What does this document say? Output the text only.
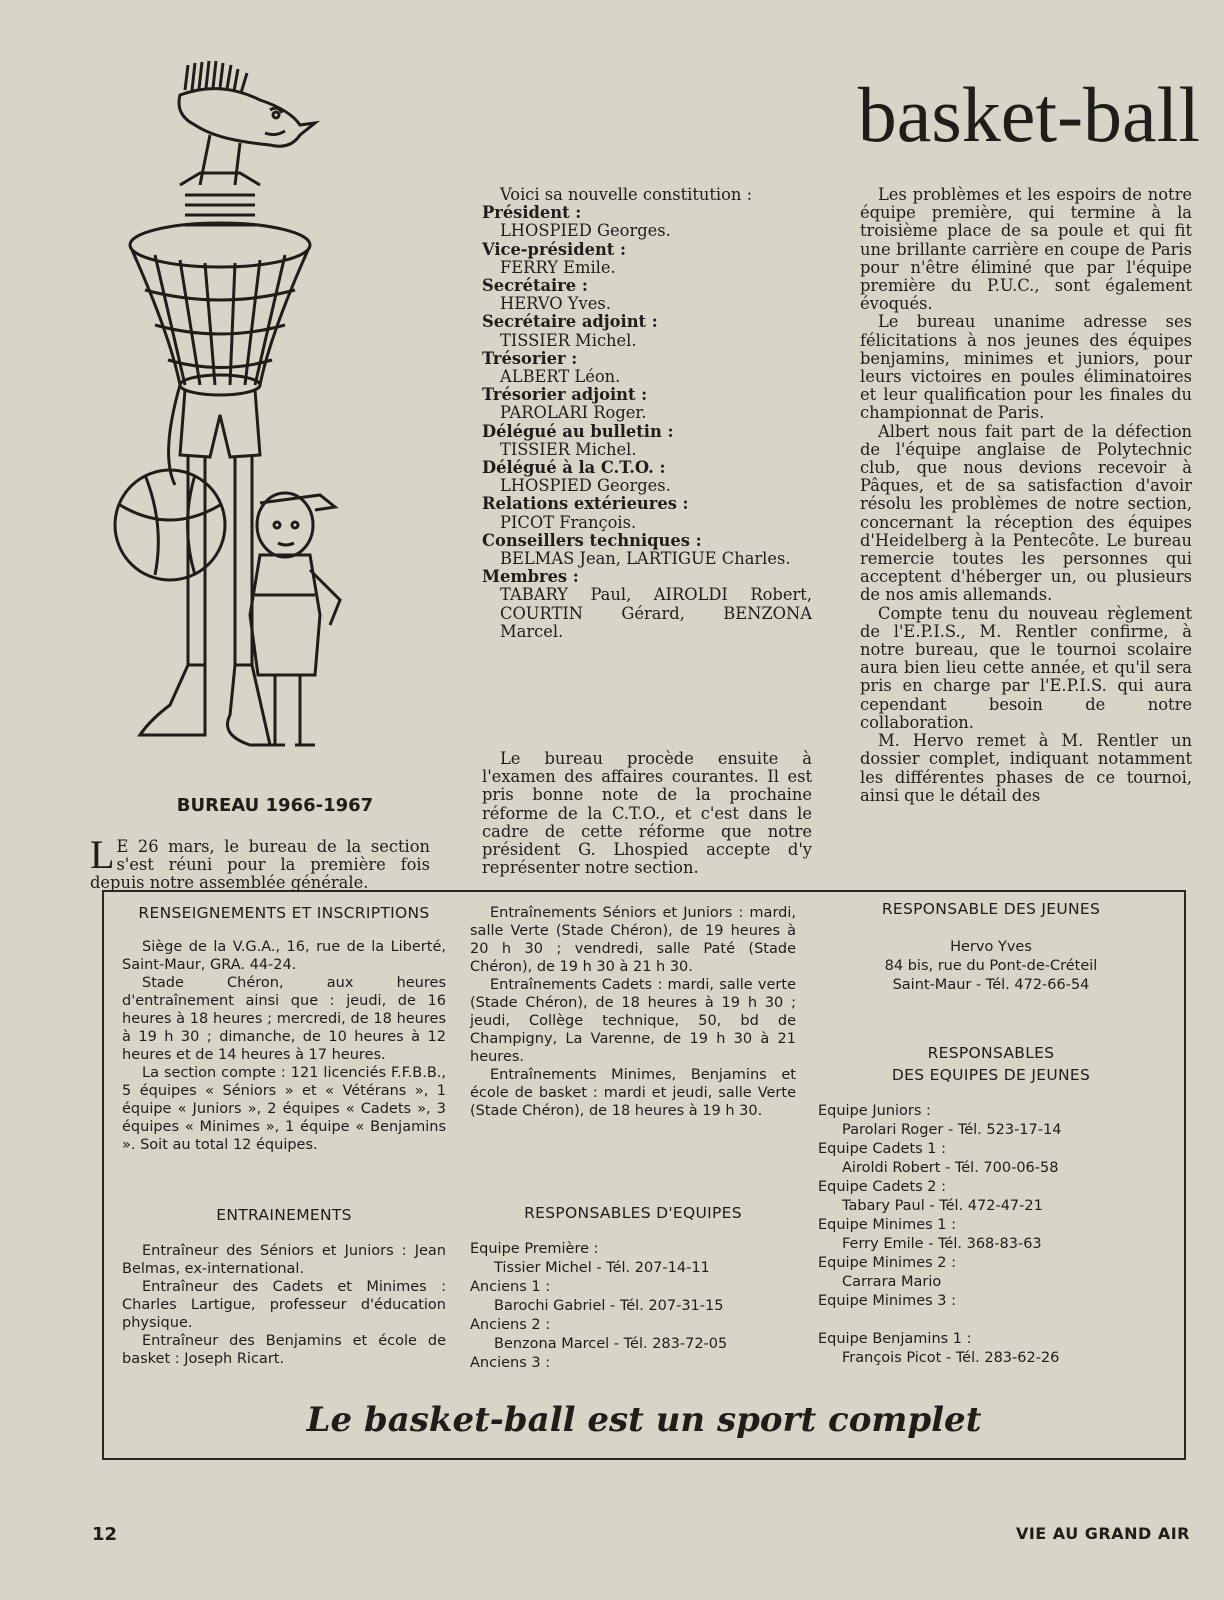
basket-ball
BUREAU 1966-1967
L E 26 mars, le bureau de la section s'est réuni pour la première fois depuis notre assemblée générale.

Voici sa nouvelle constitution :

Président :
LHOSPIED Georges.
Vice-président :
FERRY Emile.
Secrétaire :
HERVO Yves.
Secrétaire adjoint :
TISSIER Michel.
Trésorier :
ALBERT Léon.
Trésorier adjoint :
PAROLARI Roger.
Délégué au bulletin :
TISSIER Michel.
Délégué à la C.T.O. :
LHOSPIED Georges.
Relations extérieures :
PICOT François.
Conseillers techniques :
BELMAS Jean, LARTIGUE Charles.
Membres :
TABARY Paul, AIROLDI Robert, COURTIN Gérard, BENZONA Marcel.

Le bureau procède ensuite à l'examen des affaires courantes. Il est pris bonne note de la prochaine réforme de la C.T.O., et c'est dans le cadre de cette réforme que notre président G. Lhospied accepte d'y représenter notre section.

Les problèmes et les espoirs de notre équipe première, qui termine à la troisième place de sa poule et qui fit une brillante carrière en coupe de Paris pour n'être éliminé que par l'équipe première du P.U.C., sont également évoqués.

Le bureau unanime adresse ses félicitations à nos jeunes des équipes benjamins, minimes et juniors, pour leurs victoires en poules éliminatoires et leur qualification pour les finales du championnat de Paris.

Albert nous fait part de la défection de l'équipe anglaise de Polytechnic club, que nous devions recevoir à Pâques, et de sa satisfaction d'avoir résolu les problèmes de notre section, concernant la réception des équipes d'Heidelberg à la Pentecôte. Le bureau remercie toutes les personnes qui acceptent d'héberger un, ou plusieurs de nos amis allemands.

Compte tenu du nouveau règlement de l'E.P.I.S., M. Rentler confirme, à notre bureau, que le tournoi scolaire aura bien lieu cette année, et qu'il sera pris en charge par l'E.P.I.S. qui aura cependant besoin de notre collaboration.

M. Hervo remet à M. Rentler un dossier complet, indiquant notamment les différentes phases de ce tournoi, ainsi que le détail des

RENSEIGNEMENTS ET INSCRIPTIONS

Siège de la V.G.A., 16, rue de la Liberté, Saint-Maur, GRA. 44-24.

Stade Chéron, aux heures d'entraînement ainsi que : jeudi, de 16 heures à 18 heures ; mercredi, de 18 heures à 19 h 30 ; dimanche, de 10 heures à 12 heures et de 14 heures à 17 heures.

La section compte : 121 licenciés F.F.B.B., 5 équipes « Séniors » et « Vétérans », 1 équipe « Juniors », 2 équipes « Cadets », 3 équipes « Minimes », 1 équipe « Benjamins ». Soit au total 12 équipes.

Entraînements Séniors et Juniors : mardi, salle Verte (Stade Chéron), de 19 heures à 20 h 30 ; vendredi, salle Paté (Stade Chéron), de 19 h 30 à 21 h 30.

Entraînements Cadets : mardi, salle verte (Stade Chéron), de 18 heures à 19 h 30 ; jeudi, Collège technique, 50, bd de Champigny, La Varenne, de 19 h 30 à 21 heures.

Entraînements Minimes, Benjamins et école de basket : mardi et jeudi, salle Verte (Stade Chéron), de 18 heures à 19 h 30.

RESPONSABLE DES JEUNES
Hervo Yves
84 bis, rue du Pont-de-Créteil
Saint-Maur - Tél. 472-66-54
RESPONSABLES
DES EQUIPES DE JEUNES
Equipe Juniors :
Parolari Roger - Tél. 523-17-14
Equipe Cadets 1 :
Airoldi Robert - Tél. 700-06-58
Equipe Cadets 2 :
Tabary Paul - Tél. 472-47-21
Equipe Minimes 1 :
Ferry Emile - Tél. 368-83-63
Equipe Minimes 2 :
Carrara Mario
Equipe Minimes 3 :

Equipe Benjamins 1 :
François Picot - Tél. 283-62-26
ENTRAINEMENTS

Entraîneur des Séniors et Juniors : Jean Belmas, ex-international.

Entraîneur des Cadets et Minimes : Charles Lartigue, professeur d'éducation physique.

Entraîneur des Benjamins et école de basket : Joseph Ricart.

RESPONSABLES D'EQUIPES
Equipe Première :
Tissier Michel - Tél. 207-14-11
Anciens 1 :
Barochi Gabriel - Tél. 207-31-15
Anciens 2 :
Benzona Marcel - Tél. 283-72-05
Anciens 3 :

Le basket-ball est un sport complet
12	VIE AU GRAND AIR
